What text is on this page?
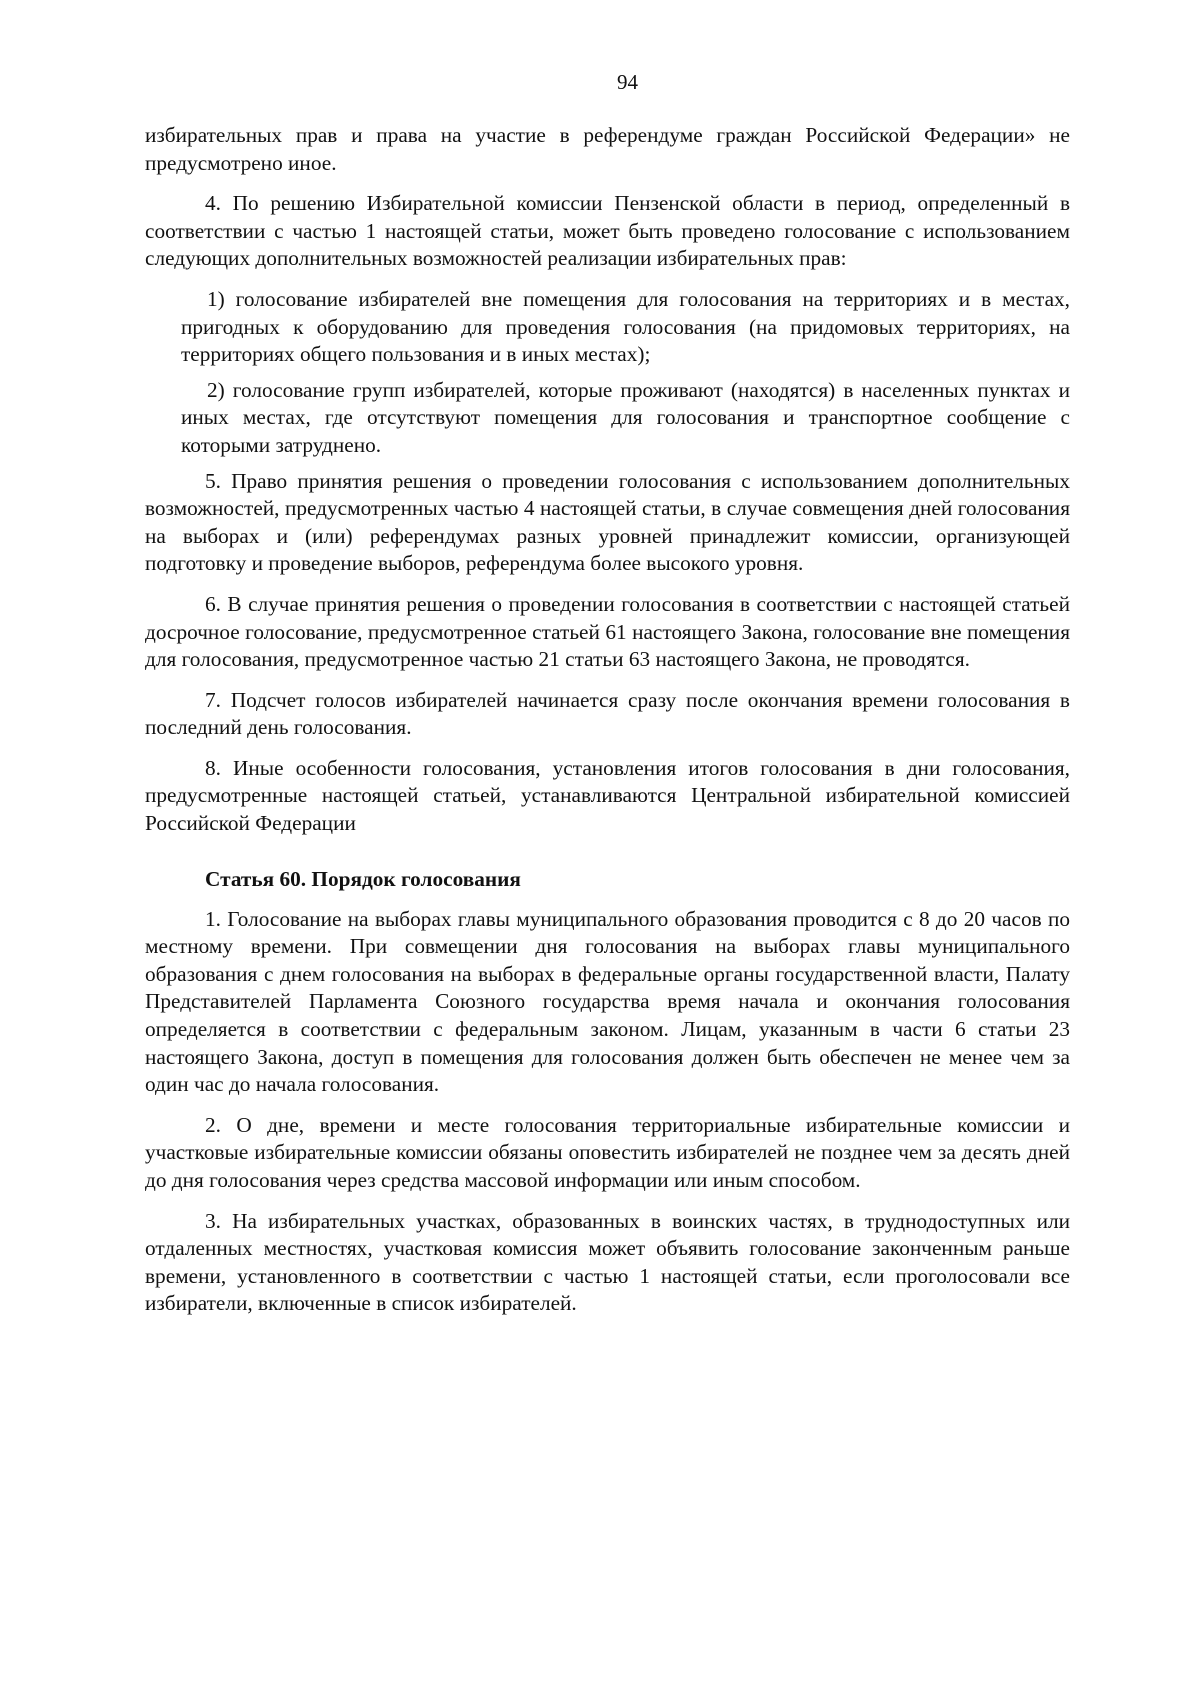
94

избирательных прав и права на участие в референдуме граждан Российской Федерации» не предусмотрено иное.

4. По решению Избирательной комиссии Пензенской области в период, определенный в соответствии с частью 1 настоящей статьи, может быть проведено голосование с использованием следующих дополнительных возможностей реализации избирательных прав:

1) голосование избирателей вне помещения для голосования на территориях и в местах, пригодных к оборудованию для проведения голосования (на придомовых территориях, на территориях общего пользования и в иных местах);

2) голосование групп избирателей, которые проживают (находятся) в населенных пунктах и иных местах, где отсутствуют помещения для голосования и транспортное сообщение с которыми затруднено.

5. Право принятия решения о проведении голосования с использованием дополнительных возможностей, предусмотренных частью 4 настоящей статьи, в случае совмещения дней голосования на выборах и (или) референдумах разных уровней принадлежит комиссии, организующей подготовку и проведение выборов, референдума более высокого уровня.

6. В случае принятия решения о проведении голосования в соответствии с настоящей статьей досрочное голосование, предусмотренное статьей 61 настоящего Закона, голосование вне помещения для голосования, предусмотренное частью 21 статьи 63 настоящего Закона, не проводятся.

7. Подсчет голосов избирателей начинается сразу после окончания времени голосования в последний день голосования.

8. Иные особенности голосования, установления итогов голосования в дни голосования, предусмотренные настоящей статьей, устанавливаются Центральной избирательной комиссией Российской Федерации

Статья 60. Порядок голосования

1. Голосование на выборах главы муниципального образования проводится с 8 до 20 часов по местному времени. При совмещении дня голосования на выборах главы муниципального образования с днем голосования на выборах в федеральные органы государственной власти, Палату Представителей Парламента Союзного государства время начала и окончания голосования определяется в соответствии с федеральным законом. Лицам, указанным в части 6 статьи 23 настоящего Закона, доступ в помещения для голосования должен быть обеспечен не менее чем за один час до начала голосования.

2. О дне, времени и месте голосования территориальные избирательные комиссии и участковые избирательные комиссии обязаны оповестить избирателей не позднее чем за десять дней до дня голосования через средства массовой информации или иным способом.

3. На избирательных участках, образованных в воинских частях, в труднодоступных или отдаленных местностях, участковая комиссия может объявить голосование законченным раньше времени, установленного в соответствии с частью 1 настоящей статьи, если проголосовали все избиратели, включенные в список избирателей.
